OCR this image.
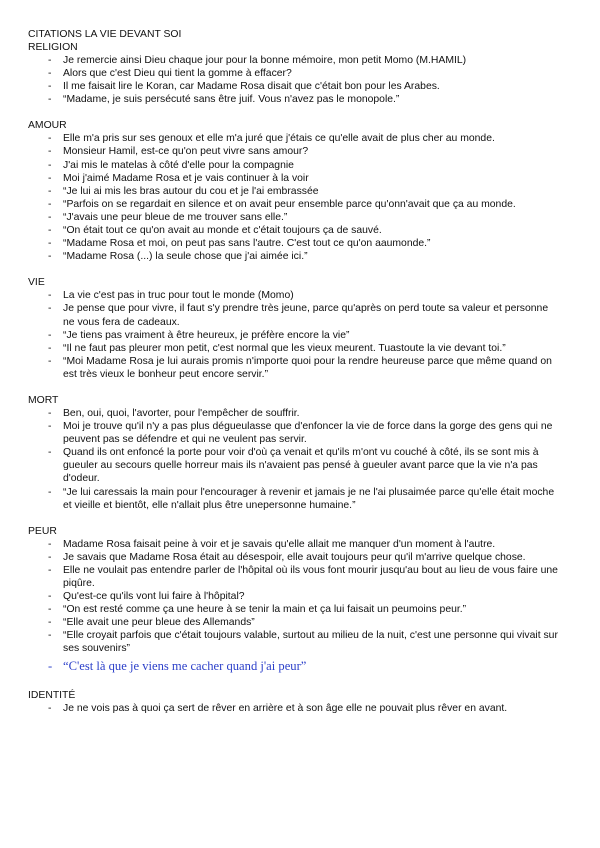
CITATIONS LA VIE DEVANT SOI

RELIGION

- Je remercie ainsi Dieu chaque jour pour la bonne mémoire, mon petit Momo (M.HAMIL)
- Alors que c'est Dieu qui tient la gomme à effacer?
- Il me faisait lire le Koran, car Madame Rosa disait que c'était bon pour les Arabes.
- “Madame, je suis persécuté sans être juif. Vous n'avez pas le monopole.”

AMOUR

- Elle m'a pris sur ses genoux et elle m'a juré que j'étais ce qu'elle avait de plus cher au monde.
- Monsieur Hamil, est-ce qu'on peut vivre sans amour?
- J'ai mis le matelas à côté d'elle pour la compagnie
- Moi j'aimé Madame Rosa et je vais continuer à la voir
- “Je lui ai mis les bras autour du cou et je l'ai embrassée
- “Parfois on se regardait en silence et on avait peur ensemble parce qu'onn'avait que ça au monde.
- “J'avais une peur bleue de me trouver sans elle.”
- “On était tout ce qu'on avait au monde et c'était toujours ça de sauvé.
- “Madame Rosa et moi, on peut pas sans l'autre. C'est tout ce qu'on aaumonde.”
- “Madame Rosa (...) la seule chose que j'ai aimée ici.”

VIE

- La vie c'est pas in truc pour tout le monde (Momo)
- Je pense que pour vivre, il faut s'y prendre très jeune, parce qu'après on perd toute sa valeur et personne ne vous fera de cadeaux.
- “Je tiens pas vraiment à être heureux, je préfère encore la vie”
- “Il ne faut pas pleurer mon petit, c'est normal que les vieux meurent. Tuastoute la vie devant toi.”
- “Moi Madame Rosa je lui aurais promis n'importe quoi pour la rendre heureuse parce que même quand on est très vieux le bonheur peut encore servir.”

MORT

- Ben, oui, quoi, l'avorter, pour l'empêcher de souffrir.
- Moi je trouve qu'il n'y a pas plus dégueulasse que d'enfoncer la vie de force dans la gorge des gens qui ne peuvent pas se défendre et qui ne veulent pas servir.
- Quand ils ont enfoncé la porte pour voir d'où ça venait et qu'ils m'ont vu couché à côté, ils se sont mis à gueuler au secours quelle horreur mais ils n'avaient pas pensé à gueuler avant parce que la vie n'a pas d'odeur.
- “Je lui caressais la main pour l'encourager à revenir et jamais je ne l'ai plusaimée parce qu'elle était moche et vieille et bientôt, elle n'allait plus être unepersonne humaine.”

PEUR

- Madame Rosa faisait peine à voir et je savais qu'elle allait me manquer d'un moment à l'autre.
- Je savais que Madame Rosa était au désespoir, elle avait toujours peur qu'il m'arrive quelque chose.
- Elle ne voulait pas entendre parler de l'hôpital où ils vous font mourir jusqu'au bout au lieu de vous faire une piqûre.
- Qu'est-ce qu'ils vont lui faire à l'hôpital?
- “On est resté comme ça une heure à se tenir la main et ça lui faisait un peumoins peur.”
- “Elle avait une peur bleue des Allemands”
- “Elle croyait parfois que c'était toujours valable, surtout au milieu de la nuit, c'est une personne qui vivait sur ses souvenirs”
- “C'est là que je viens me cacher quand j'ai peur”

IDENTITÉ

- Je ne vois pas à quoi ça sert de rêver en arrière et à son âge elle ne pouvait plus rêver en avant.
